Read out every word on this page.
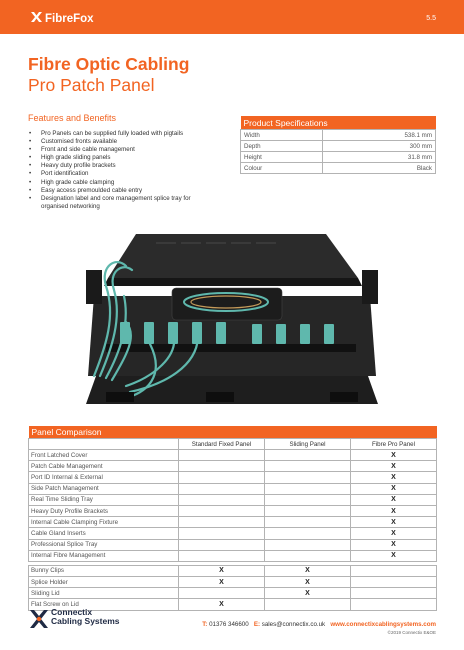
FibreFox	5.5
Fibre Optic Cabling
Pro Patch Panel
Features and Benefits
• Pro Panels can be supplied fully loaded with pigtails
• Customised fronts available
• Front and side cable management
• High grade sliding panels
• Heavy duty profile brackets
• Port identification
• High grade cable clamping
• Easy access premoulded cable entry
• Designation label and core management splice tray for organised networking
Product Specifications	
Width	538.1 mm
Depth	300 mm
Height	31.8 mm
Colour	Black
Panel Comparison			
	Standard Fixed Panel	Sliding Panel	Fibre Pro Panel
Front Latched Cover			X
Patch Cable Management			X
Port ID Internal & External			X
Side Patch Management			X
Real Time Sliding Tray			X
Heavy Duty Profile Brackets			X
Internal Cable Clamping Fixture			X
Cable Gland Inserts			X
Professional Splice Tray			X
Internal Fibre Management			X

Bunny Clips	X	X	
Splice Holder	X	X	
Sliding Lid		X	
Flat Screw on Lid	X		
Connectix
Cabling Systems	T: 01376 346600 E: sales@connectix.co.uk www.connectixcablingsystems.com
©2019 Connectix E&OE
